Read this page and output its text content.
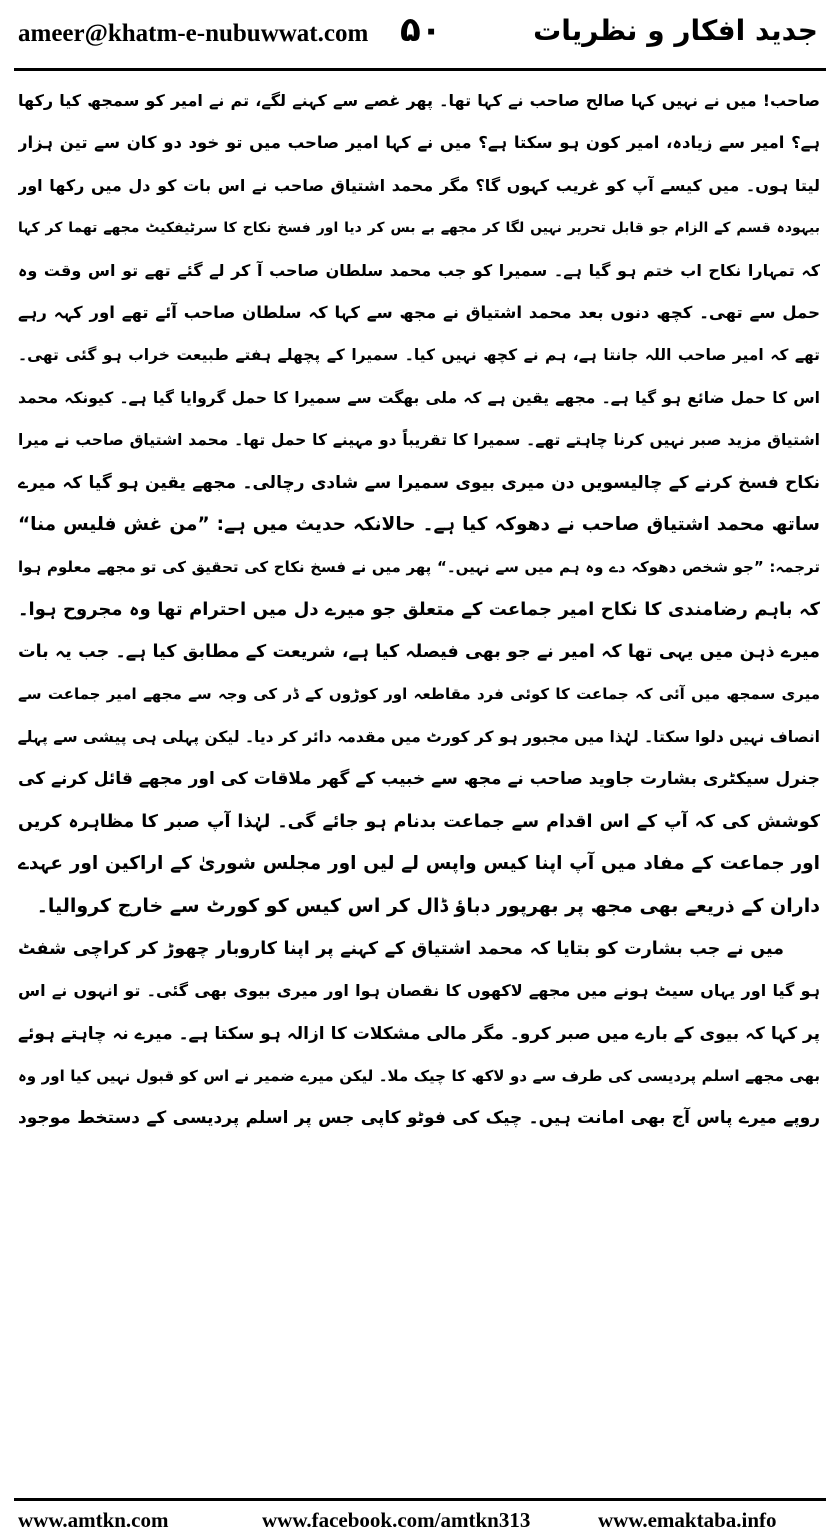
ameer@khatm-e-nubuwwat.com ۵۰	جدید افکار و نظریات
صاحب! میں نے نہیں کہا صالح صاحب نے کہا تھا۔ پھر غصے سے کہنے لگے، تم نے امیر کو سمجھ کیا رکھا
ہے؟ امیر سے زیادہ، امیر کون ہو سکتا ہے؟ میں نے کہا امیر صاحب میں تو خود دو کان سے تین ہزار
لیتا ہوں۔ میں کیسے آپ کو غریب کہوں گا؟ مگر محمد اشتیاق صاحب نے اس بات کو دل میں رکھا اور
بیہودہ قسم کے الزام جو قابل تحریر نہیں لگا کر مجھے بے بس کر دیا اور فسخ نکاح کا سرٹیفکیٹ مجھے تھما کر کہا
کہ تمہارا نکاح اب ختم ہو گیا ہے۔ سمیرا کو جب محمد سلطان صاحب آ کر لے گئے تھے تو اس وقت وہ
حمل سے تھی۔ کچھ دنوں بعد محمد اشتیاق نے مجھ سے کہا کہ سلطان صاحب آئے تھے اور کہہ رہے
تھے کہ امیر صاحب اللہ جانتا ہے، ہم نے کچھ نہیں کیا۔ سمیرا کے پچھلے ہفتے طبیعت خراب ہو گئی تھی۔
اس کا حمل ضائع ہو گیا ہے۔ مجھے یقین ہے کہ ملی بھگت سے سمیرا کا حمل گروایا گیا ہے۔ کیونکہ محمد
اشتیاق مزید صبر نہیں کرنا چاہتے تھے۔ سمیرا کا تقریباً دو مہینے کا حمل تھا۔ محمد اشتیاق صاحب نے میرا
نکاح فسخ کرنے کے چالیسویں دن میری بیوی سمیرا سے شادی رچالی۔ مجھے یقین ہو گیا کہ میرے
ساتھ محمد اشتیاق صاحب نے دھوکہ کیا ہے۔ حالانکہ حدیث میں ہے: ”من غش فلیس منا“
ترجمہ: ”جو شخص دھوکہ دے وہ ہم میں سے نہیں۔“ پھر میں نے فسخ نکاح کی تحقیق کی تو مجھے معلوم ہوا
کہ باہم رضامندی کا نکاح امیر جماعت کے متعلق جو میرے دل میں احترام تھا وہ مجروح ہوا۔
میرے ذہن میں یہی تھا کہ امیر نے جو بھی فیصلہ کیا ہے، شریعت کے مطابق کیا ہے۔ جب یہ بات
میری سمجھ میں آئی کہ جماعت کا کوئی فرد مقاطعہ اور کوڑوں کے ڈر کی وجہ سے مجھے امیر جماعت سے
انصاف نہیں دلوا سکتا۔ لہٰذا میں مجبور ہو کر کورٹ میں مقدمہ دائر کر دیا۔ لیکن پہلی ہی پیشی سے پہلے
جنرل سیکٹری بشارت جاوید صاحب نے مجھ سے خبیب کے گھر ملاقات کی اور مجھے قائل کرنے کی
کوشش کی کہ آپ کے اس اقدام سے جماعت بدنام ہو جائے گی۔ لہٰذا آپ صبر کا مظاہرہ کریں
اور جماعت کے مفاد میں آپ اپنا کیس واپس لے لیں اور مجلس شوریٰ کے اراکین اور عہدے
داران کے ذریعے بھی مجھ پر بھرپور دباؤ ڈال کر اس کیس کو کورٹ سے خارج کروالیا۔
میں نے جب بشارت کو بتایا کہ محمد اشتیاق کے کہنے پر اپنا کاروبار چھوڑ کر کراچی شفٹ
ہو گیا اور یہاں سیٹ ہونے میں مجھے لاکھوں کا نقصان ہوا اور میری بیوی بھی گئی۔ تو انہوں نے اس
پر کہا کہ بیوی کے بارے میں صبر کرو۔ مگر مالی مشکلات کا ازالہ ہو سکتا ہے۔ میرے نہ چاہتے ہوئے
بھی مجھے اسلم پردیسی کی طرف سے دو لاکھ کا چیک ملا۔ لیکن میرے ضمیر نے اس کو قبول نہیں کیا اور وہ
روپے میرے پاس آج بھی امانت ہیں۔ چیک کی فوٹو کاپی جس پر اسلم پردیسی کے دستخط موجود
www.amtkn.com	www.facebook.com/amtkn313	www.emaktaba.info
